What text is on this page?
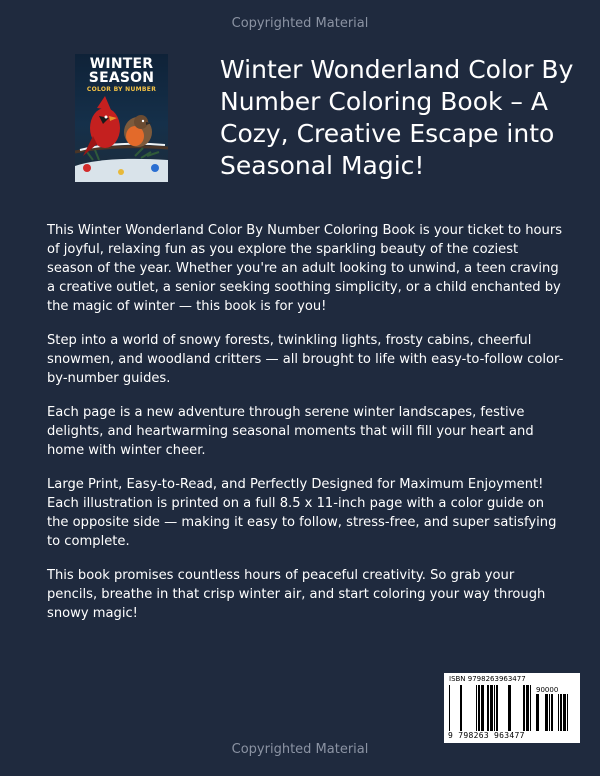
Copyrighted Material
WINTER SEASON
COLOR BY NUMBER
Winter Wonderland Color By Number Coloring Book – A Cozy, Creative Escape into Seasonal Magic!

This Winter Wonderland Color By Number Coloring Book is your ticket to hours of joyful, relaxing fun as you explore the sparkling beauty of the coziest season of the year. Whether you're an adult looking to unwind, a teen craving a creative outlet, a senior seeking soothing simplicity, or a child enchanted by the magic of winter — this book is for you!

Step into a world of snowy forests, twinkling lights, frosty cabins, cheerful snowmen, and woodland critters — all brought to life with easy-to-follow color-by-number guides.

Each page is a new adventure through serene winter landscapes, festive delights, and heartwarming seasonal moments that will fill your heart and home with winter cheer.

Large Print, Easy-to-Read, and Perfectly Designed for Maximum Enjoyment! Each illustration is printed on a full 8.5 x 11-inch page with a color guide on the opposite side — making it easy to follow, stress-free, and super satisfying to complete.

This book promises countless hours of peaceful creativity. So grab your pencils, breathe in that crisp winter air, and start coloring your way through snowy magic!

ISBN 9798263963477
90000
9 798263 963477
Copyrighted Material
